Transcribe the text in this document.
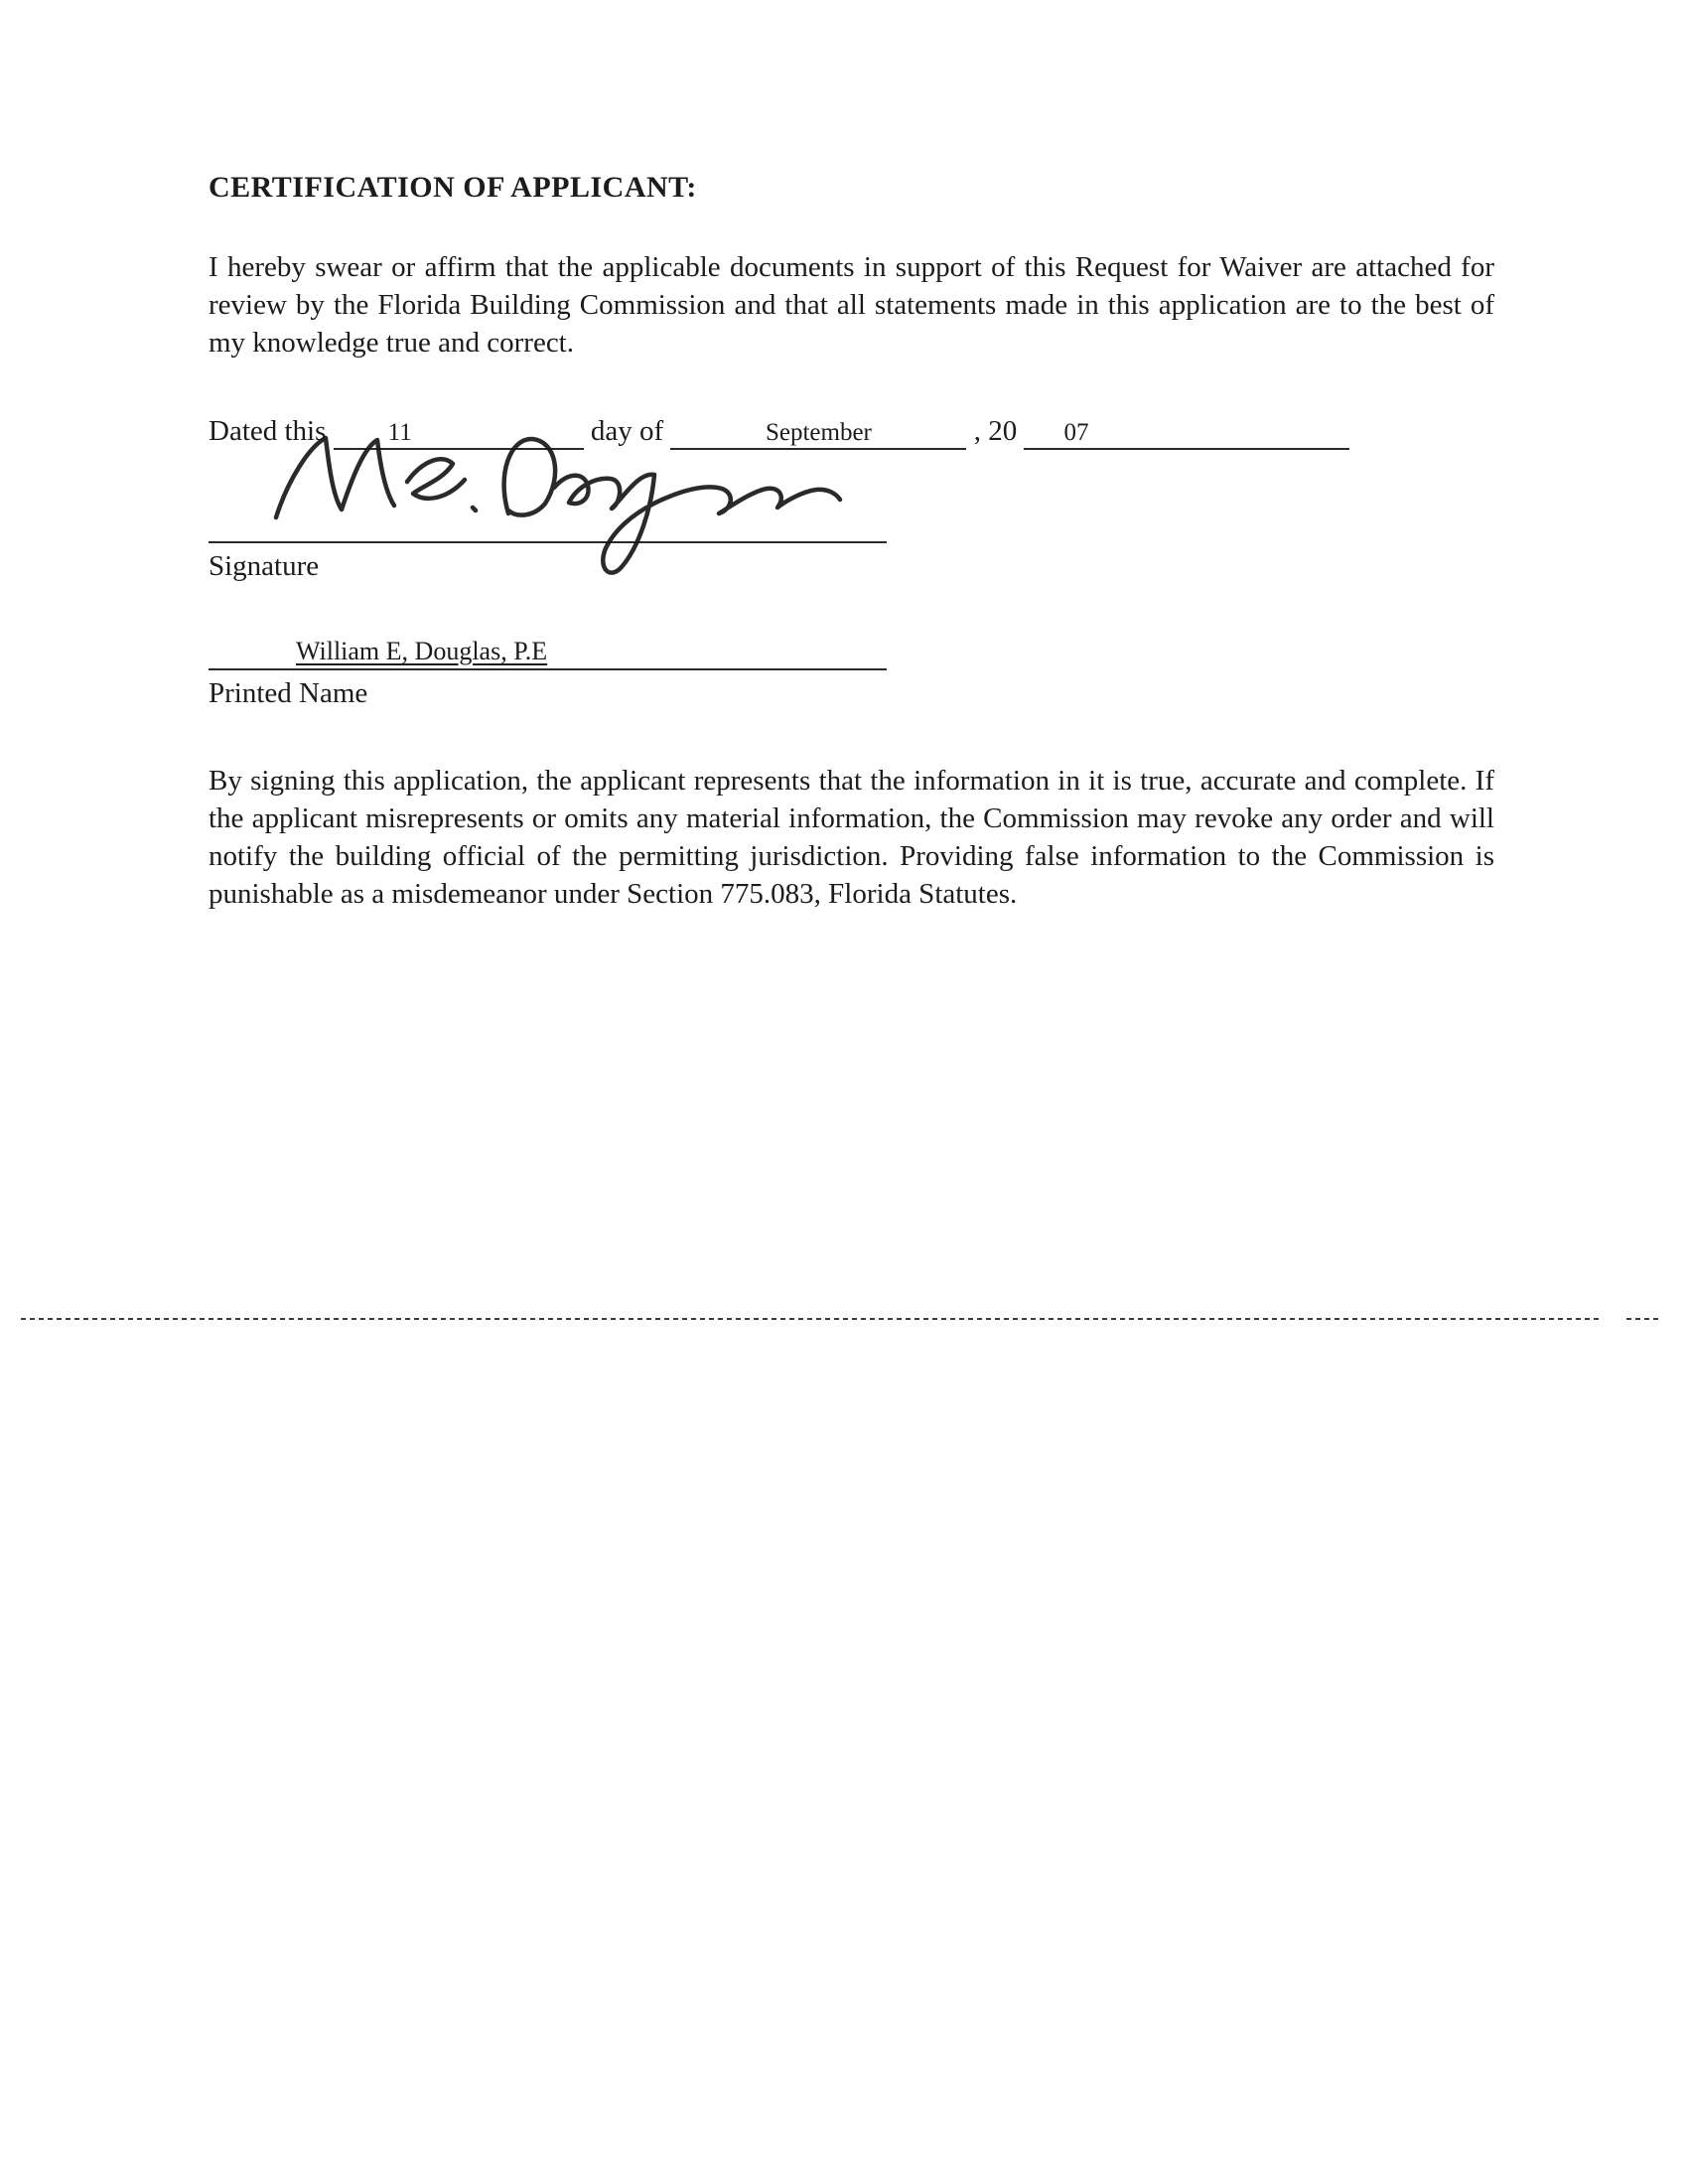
CERTIFICATION OF APPLICANT:

I hereby swear or affirm that the applicable documents in support of this Request for Waiver are attached for review by the Florida Building Commission and that all statements made in this application are to the best of my knowledge true and correct.

Dated this 11	day of	September	, 20 07
Signature
William E, Douglas, P.E
Printed Name

By signing this application, the applicant represents that the information in it is true, accurate and complete. If the applicant misrepresents or omits any material information, the Commission may revoke any order and will notify the building official of the permitting jurisdiction. Providing false information to the Commission is punishable as a misdemeanor under Section 775.083, Florida Statutes.
